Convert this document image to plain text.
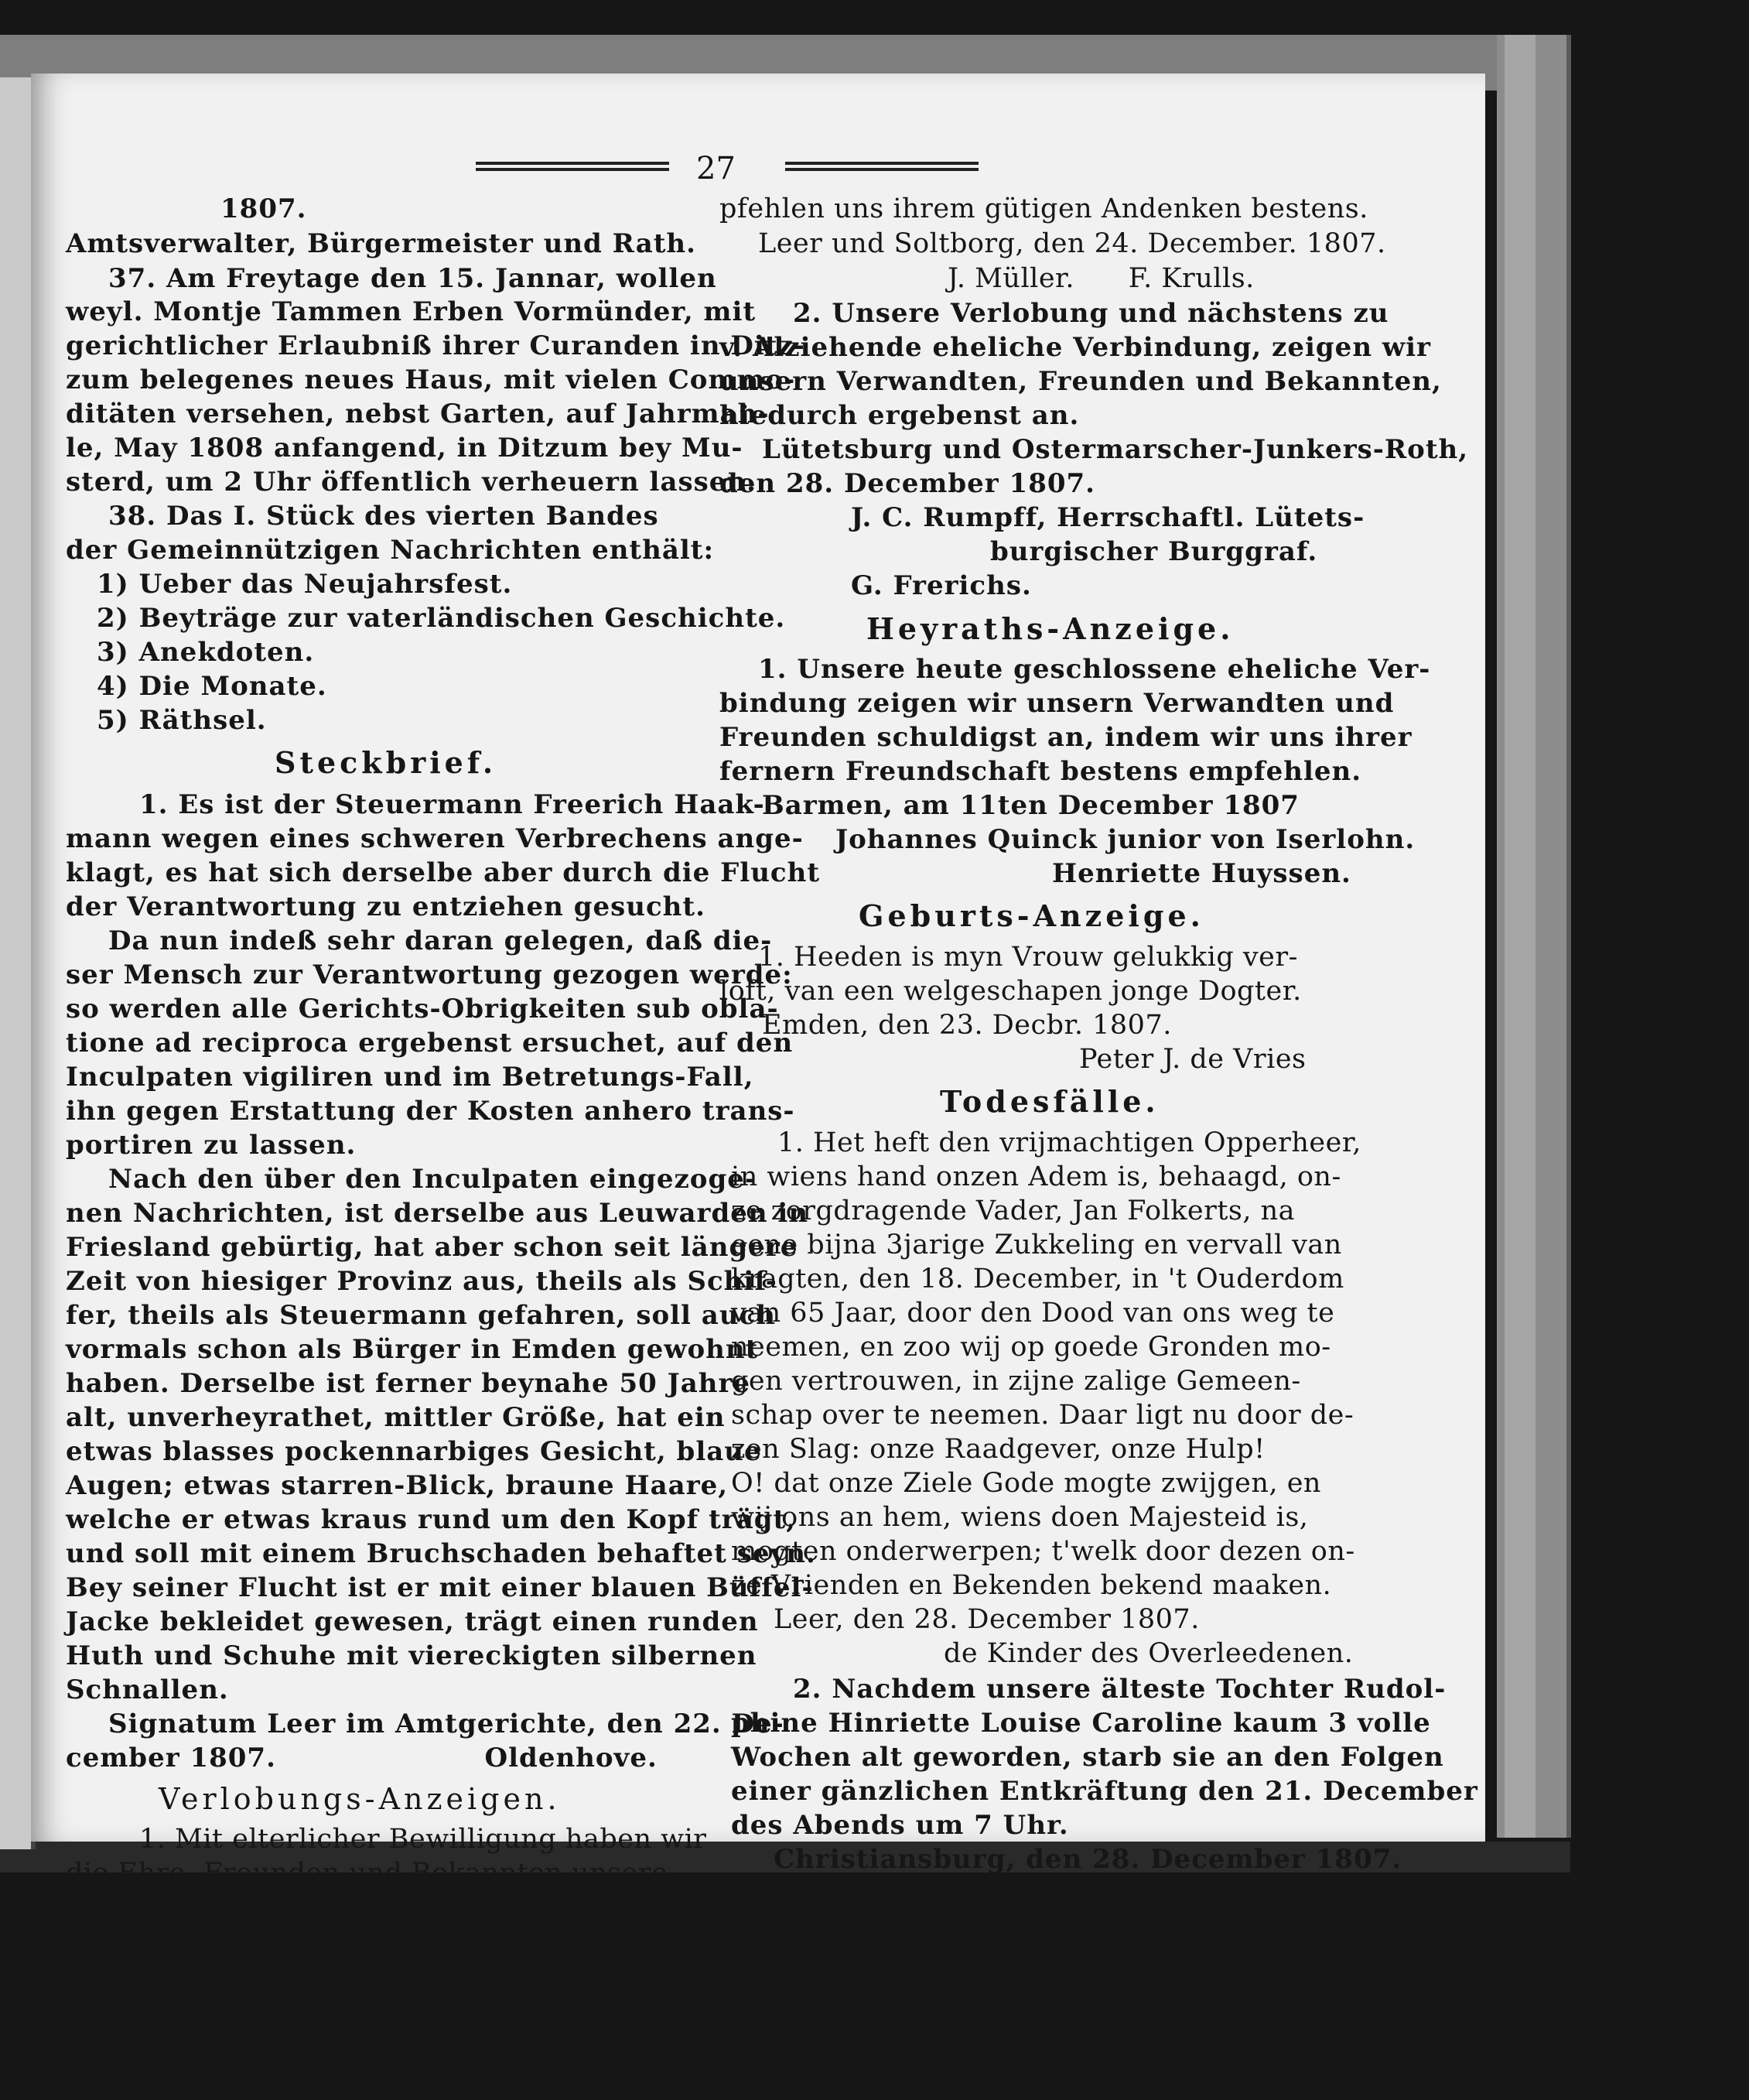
27
1807.
Amtsverwalter, Bürgermeister und Rath.
37. Am Freytage den 15. Jannar, wollen
weyl. Montje Tammen Erben Vormünder, mit
gerichtlicher Erlaubniß ihrer Curanden in Ditz-
zum belegenes neues Haus, mit vielen Commo-
ditäten versehen, nebst Garten, auf Jahrmah-
le, May 1808 anfangend, in Ditzum bey Mu-
sterd, um 2 Uhr öffentlich verheuern lassen.
38. Das I. Stück des vierten Bandes
der Gemeinnützigen Nachrichten enthält:
1) Ueber das Neujahrsfest.
2) Beyträge zur vaterländischen Geschichte.
3) Anekdoten.
4) Die Monate.
5) Räthsel.
Steckbrief.
1. Es ist der Steuermann Freerich Haak-
mann wegen eines schweren Verbrechens ange-
klagt, es hat sich derselbe aber durch die Flucht
der Verantwortung zu entziehen gesucht.
Da nun indeß sehr daran gelegen, daß die-
ser Mensch zur Verantwortung gezogen werde:
so werden alle Gerichts-Obrigkeiten sub obla-
tione ad reciproca ergebenst ersuchet, auf den
Inculpaten vigiliren und im Betretungs-Fall,
ihn gegen Erstattung der Kosten anhero trans-
portiren zu lassen.
Nach den über den Inculpaten eingezoge-
nen Nachrichten, ist derselbe aus Leuwarden in
Friesland gebürtig, hat aber schon seit längere
Zeit von hiesiger Provinz aus, theils als Schif-
fer, theils als Steuermann gefahren, soll auch
vormals schon als Bürger in Emden gewohnt
haben. Derselbe ist ferner beynahe 50 Jahre
alt, unverheyrathet, mittler Größe, hat ein
etwas blasses pockennarbiges Gesicht, blaue
Augen; etwas starren-Blick, braune Haare,
welche er etwas kraus rund um den Kopf trägt,
und soll mit einem Bruchschaden behaftet seyn.
Bey seiner Flucht ist er mit einer blauen Büffel-
Jacke bekleidet gewesen, trägt einen runden
Huth und Schuhe mit viereckigten silbernen
Schnallen.
Signatum Leer im Amtgerichte, den 22. De-
cember 1807.                     Oldenhove.
Verlobungs-Anzeigen.
1. Mit elterlicher Bewilligung haben wir
die Ehre, Freunden und Bekannten unsere
Verlobung ergebenst anzuzeigen; und em-
pfehlen uns ihrem gütigen Andenken bestens.
Leer und Soltborg, den 24. December. 1807.
J. Müller.      F. Krulls.
2. Unsere Verlobung und nächstens zu
v. Alziehende eheliche Verbindung, zeigen wir
unsern Verwandten, Freunden und Bekannten,
hiedurch ergebenst an.
Lütetsburg und Ostermarscher-Junkers-Roth,
den 28. December 1807.
J. C. Rumpff, Herrschaftl. Lütets-
burgischer Burggraf.
G. Frerichs.
Heyraths-Anzeige.
1. Unsere heute geschlossene eheliche Ver-
bindung zeigen wir unsern Verwandten und
Freunden schuldigst an, indem wir uns ihrer
fernern Freundschaft bestens empfehlen.
Barmen, am 11ten December 1807
Johannes Quinck junior von Iserlohn.
Henriette Huyssen.
Geburts-Anzeige.
1. Heeden is myn Vrouw gelukkig ver-
loft, van een welgeschapen jonge Dogter.
Emden, den 23. Decbr. 1807.
Peter J. de Vries
Todesfälle.
1. Het heft den vrijmachtigen Opperheer,
in wiens hand onzen Adem is, behaagd, on-
ze zorgdragende Vader, Jan Folkerts, na
eene bijna 3jarige Zukkeling en vervall van
kragten, den 18. December, in 't Ouderdom
van 65 Jaar, door den Dood van ons weg te
neemen, en zoo wij op goede Gronden mo-
gen vertrouwen, in zijne zalige Gemeen-
schap over te neemen. Daar ligt nu door de-
zen Slag: onze Raadgever, onze Hulp!
O! dat onze Ziele Gode mogte zwijgen, en
wij ons an hem, wiens doen Majesteid is,
mogten onderwerpen; t'welk door dezen on-
ze Vrienden en Bekenden bekend maaken.
Leer, den 28. December 1807.
de Kinder des Overleedenen.
2. Nachdem unsere älteste Tochter Rudol-
phine Hinriette Louise Caroline kaum 3 volle
Wochen alt geworden, starb sie an den Folgen
einer gänzlichen Entkräftung den 21. December
des Abends um 7 Uhr.
Christiansburg, den 28. December 1807.
Fähnrich von Blau, außer Preussischen
Diensten.
3.
